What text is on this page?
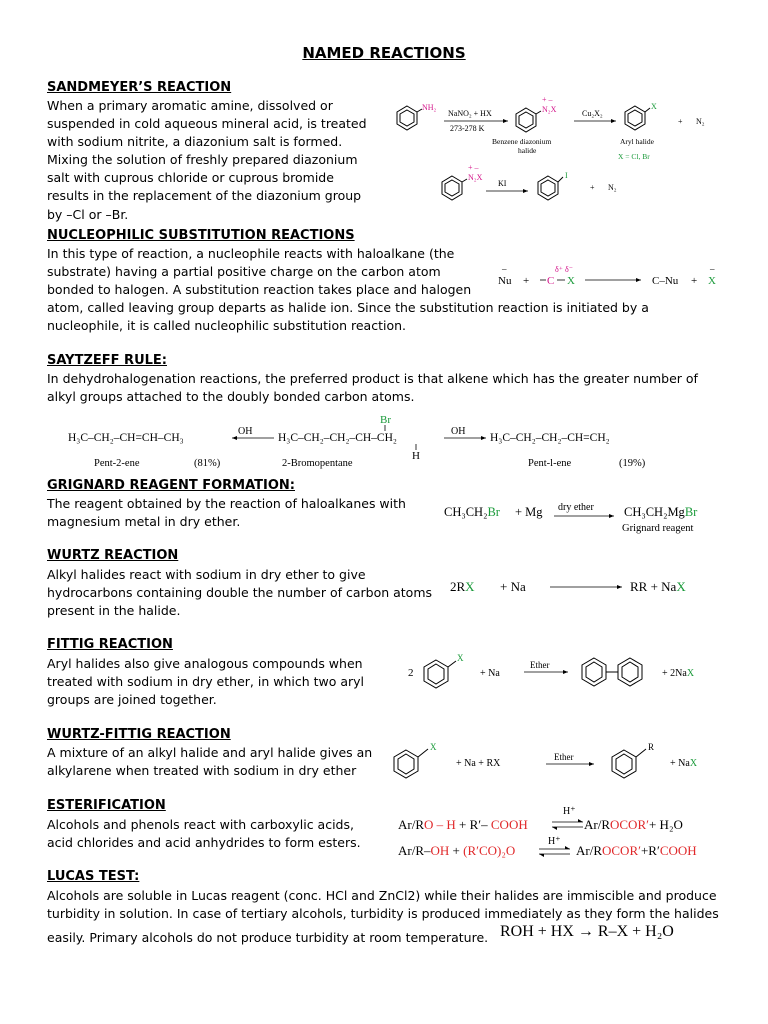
NAMED REACTIONS
SANDMEYER’S REACTION
When a primary aromatic amine, dissolved or
suspended in cold aqueous mineral acid, is treated
with sodium nitrite, a diazonium salt is formed.
Mixing the solution of freshly prepared diazonium
salt with cuprous chloride or cuprous bromide
results in the replacement of the diazonium group
by –Cl or –Br.
NH₂
NaNO₂ + HX
273-278 K
+ –
N₂X
Benzene diazonium
halide
Cu₂X₂
X
+ N₂
Aryl halide
X = Cl, Br
+ –
N₂X
KI
I
+ N₂
NUCLEOPHILIC SUBSTITUTION REACTIONS
In this type of reaction, a nucleophile reacts with haloalkane (the
substrate) having a partial positive charge on the carbon atom
bonded to halogen. A substitution reaction takes place and halogen
atom, called leaving group departs as halide ion. Since the substitution reaction is initiated by a
nucleophile, it is called nucleophilic substitution reaction.
Nu
–
+ C
δ⁺ δ⁻
X	C–Nu + X
–
SAYTZEFF RULE:
In dehydrohalogenation reactions, the preferred product is that alkene which has the greater number of
alkyl groups attached to the doubly bonded carbon atoms.
H₃C–CH₂–CH=CH–CH₃
OH
H₃C–CH₂–CH₂–CH–CH₂
Br
H
OH
H₃C–CH₂–CH₂–CH=CH₂
Pent-2-ene	(81%)	2-Bromopentane	Pent-l-ene	(19%)
GRIGNARD REAGENT FORMATION:
The reagent obtained by the reaction of haloalkanes with
magnesium metal in dry ether.
CH₃CH₂Br + Mg dry ether CH₃CH₂MgBr
Grignard reagent
WURTZ REACTION
Alkyl halides react with sodium in dry ether to give
hydrocarbons containing double the number of carbon atoms
present in the halide.
2RX + Na	RR + NaX
FITTIG REACTION
Aryl halides also give analogous compounds when
treated with sodium in dry ether, in which two aryl
groups are joined together.
2
X
+ Na
Ether
+ 2NaX
WURTZ-FITTIG REACTION
A mixture of an alkyl halide and aryl halide gives an
alkylarene when treated with sodium in dry ether
X
+ Na + RX
Ether
R
+ NaX
ESTERIFICATION
Alcohols and phenols react with carboxylic acids,
acid chlorides and acid anhydrides to form esters.
H⁺
Ar/RO – H + R′– COOH ⇌ Ar/ROCOR′+ H₂O
H⁺
Ar/R–OH + (R′CO)₂O ⇌ Ar/ROCOR′+R′COOH
LUCAS TEST:
Alcohols are soluble in Lucas reagent (conc. HCl and ZnCl2) while their halides are immiscible and produce
turbidity in solution. In case of tertiary alcohols, turbidity is produced immediately as they form the halides
easily. Primary alcohols do not produce turbidity at room temperature. ROH + HX → R–X + H₂O
